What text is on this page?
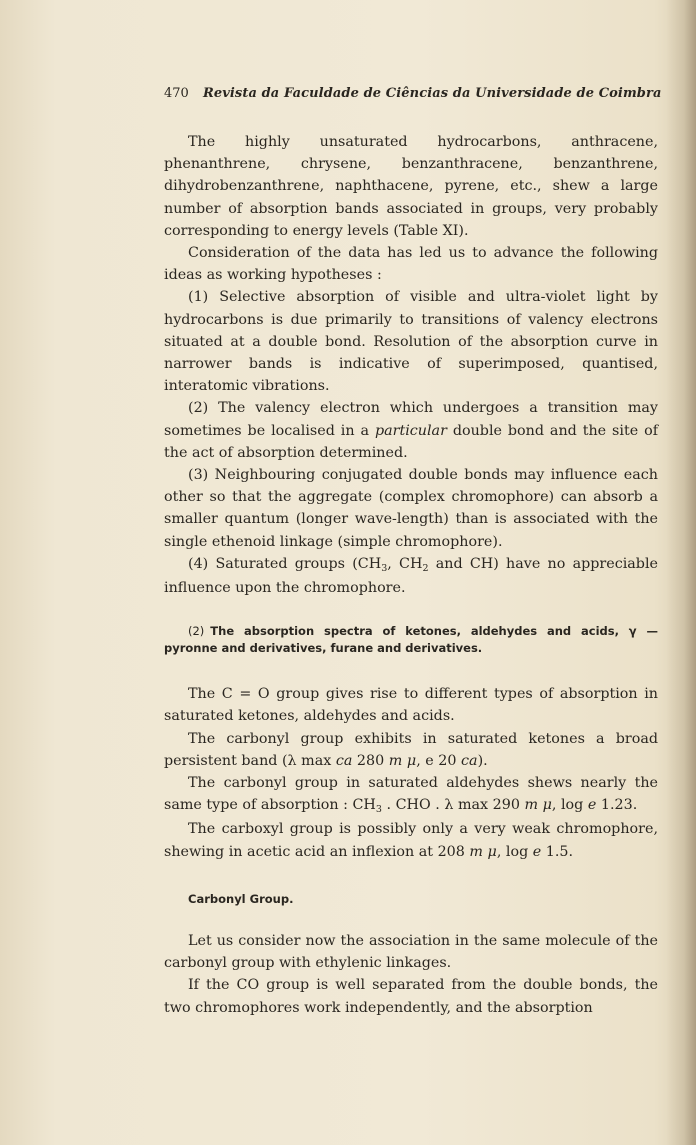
470 Revista da Faculdade de Ciências da Universidade de Coimbra

The highly unsaturated hydrocarbons, anthracene, phenanthrene, chrysene, benzanthracene, benzanthrene, dihydrobenzanthrene, naphthacene, pyrene, etc., shew a large number of absorption bands associated in groups, very probably corresponding to energy levels (Table XI).

Consideration of the data has led us to advance the following ideas as working hypotheses :

(1) Selective absorption of visible and ultra-violet light by hydrocarbons is due primarily to transitions of valency electrons situated at a double bond. Resolution of the absorption curve in narrower bands is indicative of superimposed, quantised, interatomic vibrations.

(2) The valency electron which undergoes a transition may sometimes be localised in a particular double bond and the site of the act of absorption determined.

(3) Neighbouring conjugated double bonds may influence each other so that the aggregate (complex chromophore) can absorb a smaller quantum (longer wave-length) than is associated with the single ethenoid linkage (simple chromophore).

(4) Saturated groups ($CH_3$, $CH_2$ and CH) have no appreciable influence upon the chromophore.

(2) The absorption spectra of ketones, aldehydes and acids, γ — pyronne and derivatives, furane and derivatives.

The C = O group gives rise to different types of absorption in saturated ketones, aldehydes and acids.

The carbonyl group exhibits in saturated ketones a broad persistent band (λ max ca 280 m μ, e 20 ca).

The carbonyl group in saturated aldehydes shews nearly the same type of absorption : $CH_3$ . CHO . λ max 290 m μ, log e 1.23.

The carboxyl group is possibly only a very weak chromophore, shewing in acetic acid an inflexion at 208 m μ, log e 1.5.

Carbonyl Group.

Let us consider now the association in the same molecule of the carbonyl group with ethylenic linkages.

If the CO group is well separated from the double bonds, the two chromophores work independently, and the absorption
